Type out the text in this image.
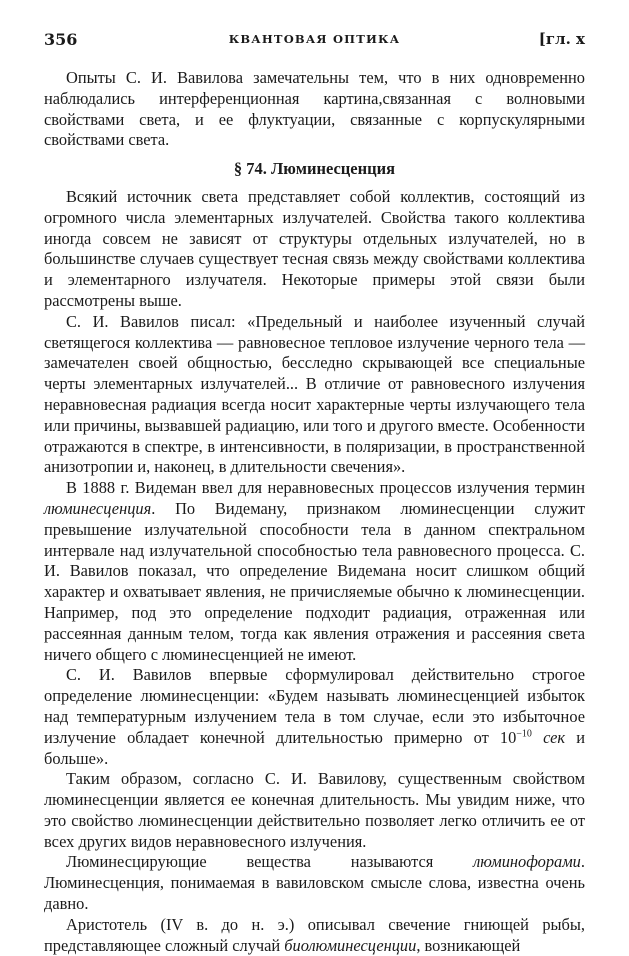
356	КВАНТОВАЯ ОПТИКА	[гл. x

Опыты С. И. Вавилова замечательны тем, что в них одновременно наблюдались интерференционная картина,связанная с волновыми свойствами света, и ее флуктуации, связанные с корпускулярными свойствами света.

§ 74. Люминесценция

Всякий источник света представляет собой коллектив, состоящий из огромного числа элементарных излучателей. Свойства такого коллектива иногда совсем не зависят от структуры отдельных излучателей, но в большинстве случаев существует тесная связь между свойствами коллектива и элементарного излучателя. Некоторые примеры этой связи были рассмотрены выше.

С. И. Вавилов писал: «Предельный и наиболее изученный случай светящегося коллектива — равновесное тепловое излучение черного тела — замечателен своей общностью, бесследно скрывающей все специальные черты элементарных излучателей... В отличие от равновесного излучения неравновесная радиация всегда носит характерные черты излучающего тела или причины, вызвавшей радиацию, или того и другого вместе. Особенности отражаются в спектре, в интенсивности, в поляризации, в пространственной анизотропии и, наконец, в длительности свечения».

В 1888 г. Видеман ввел для неравновесных процессов излучения термин люминесценция. По Видеману, признаком люминесценции служит превышение излучательной способности тела в данном спектральном интервале над излучательной способностью тела равновесного процесса. С. И. Вавилов показал, что определение Видемана носит слишком общий характер и охватывает явления, не причисляемые обычно к люминесценции. Например, под это определение подходит радиация, отраженная или рассеянная данным телом, тогда как явления отражения и рассеяния света ничего общего с люминесценцией не имеют.

С. И. Вавилов впервые сформулировал действительно строгое определение люминесценции: «Будем называть люминесценцией избыток над температурным излучением тела в том случае, если это избыточное излучение обладает конечной длительностью примерно от $10^{-10}$ сек и больше».

Таким образом, согласно С. И. Вавилову, существенным свойством люминесценции является ее конечная длительность. Мы увидим ниже, что это свойство люминесценции действительно позволяет легко отличить ее от всех других видов неравновесного излучения.

Люминесцирующие вещества называются люминофорами. Люминесценция, понимаемая в вавиловском смысле слова, известна очень давно.

Аристотель (IV в. до н. э.) описывал свечение гниющей рыбы, представляющее сложный случай биолюминесценции, возникающей
